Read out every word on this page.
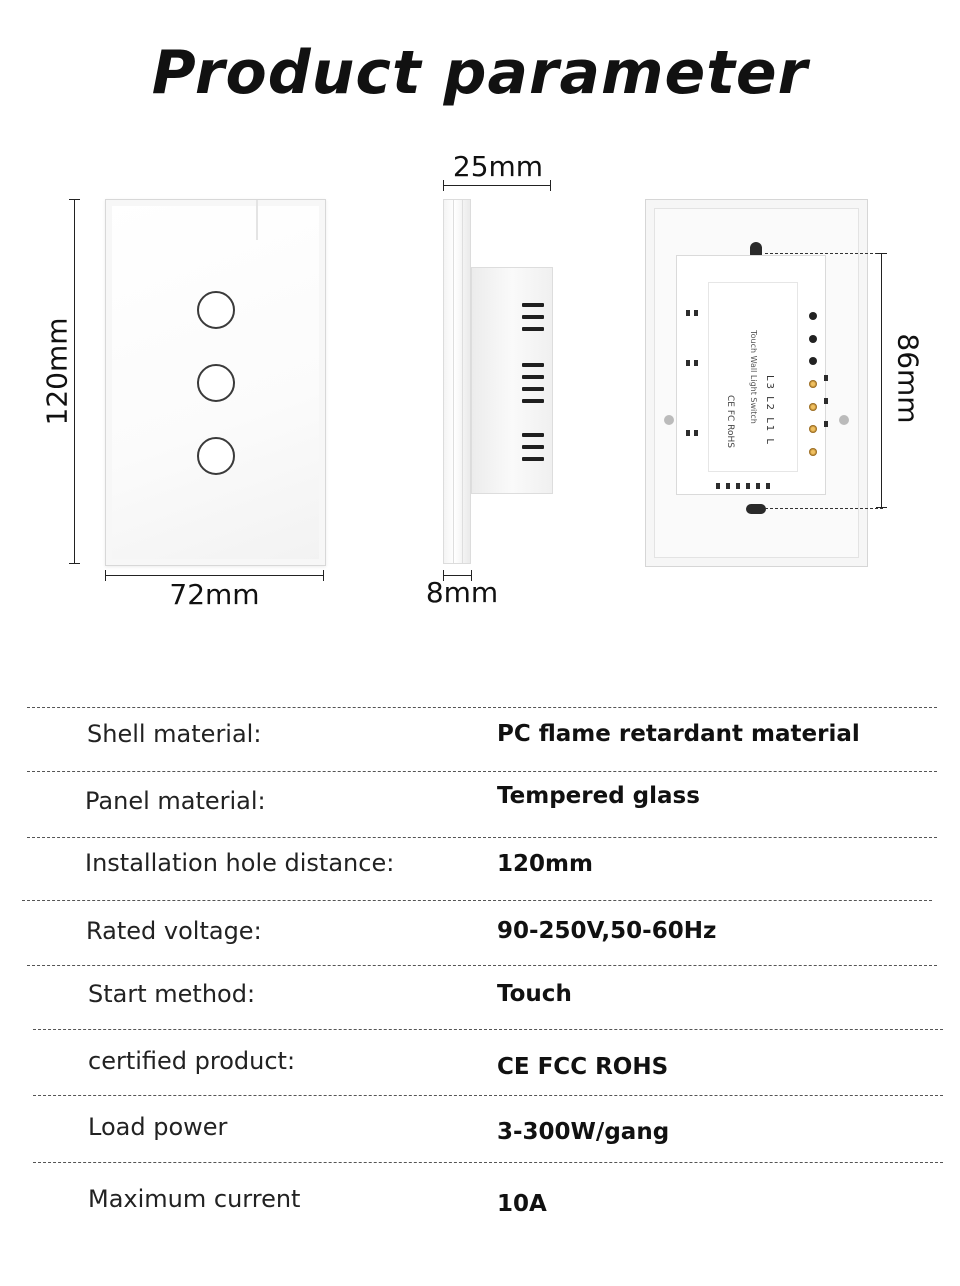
Product parameter
120mm
72mm
25mm
8mm
Touch Wall Light Switch	86mm
Shell material:	PC flame retardant material
Panel material:	Tempered glass
Installation hole distance:	120mm
Rated voltage:	90-250V,50-60Hz
Start method:	Touch
certified product:	CE FCC ROHS
Load power	3-300W/gang
Maximum current	10A
L3 L2 L1 L
CE FC RoHS
